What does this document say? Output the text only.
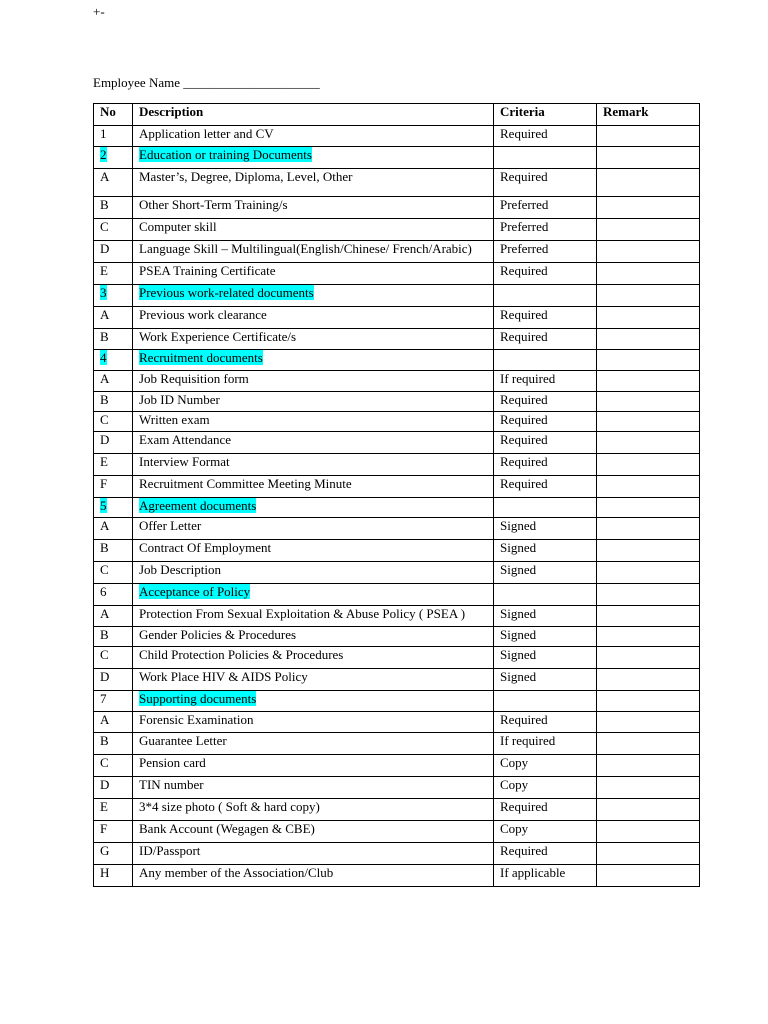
+-
Employee Name _____________________
No	Description	Criteria	Remark
1	Application letter and CV	Required	
2	Education or training Documents		
A	Master’s, Degree, Diploma, Level, Other	Required	
B	Other Short-Term Training/s	Preferred	
C	Computer skill	Preferred	
D	Language Skill – Multilingual(English/Chinese/ French/Arabic)	Preferred	
E	PSEA Training Certificate	Required	
3	Previous work-related documents		
A	Previous work clearance	Required	
B	Work Experience Certificate/s	Required	
4	Recruitment documents		
A	Job Requisition form	If required	
B	Job ID Number	Required	
C	Written exam	Required	
D	Exam Attendance	Required	
E	Interview Format	Required	
F	Recruitment Committee Meeting Minute	Required	
5	Agreement documents		
A	Offer Letter	Signed	
B	Contract Of Employment	Signed	
C	Job Description	Signed	
6	Acceptance of Policy		
A	Protection From Sexual Exploitation & Abuse Policy ( PSEA )	Signed	
B	Gender Policies & Procedures	Signed	
C	Child Protection Policies & Procedures	Signed	
D	Work Place HIV & AIDS Policy	Signed	
7	Supporting documents		
A	Forensic Examination	Required	
B	Guarantee Letter	If required	
C	Pension card	Copy	
D	TIN number	Copy	
E	3*4 size photo ( Soft & hard copy)	Required	
F	Bank Account (Wegagen & CBE)	Copy	
G	ID/Passport	Required	
H	Any member of the Association/Club	If applicable	
